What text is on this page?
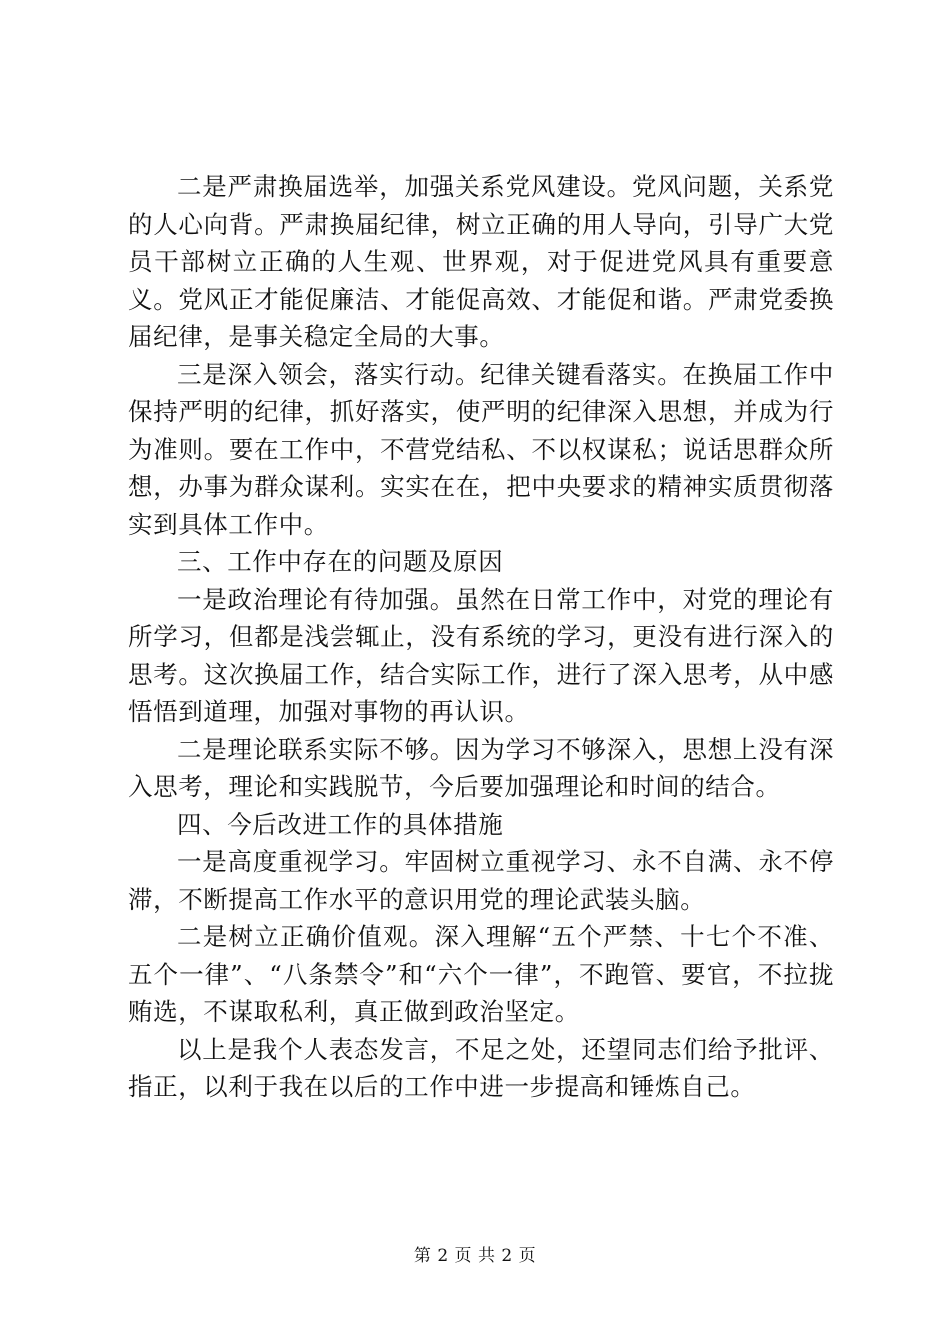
二是严肃换届选举，加强关系党风建设。党风问题，关系党的人心向背。严肃换届纪律，树立正确的用人导向，引导广大党员干部树立正确的人生观、世界观，对于促进党风具有重要意义。党风正才能促廉洁、才能促高效、才能促和谐。严肃党委换届纪律，是事关稳定全局的大事。

三是深入领会，落实行动。纪律关键看落实。在换届工作中保持严明的纪律，抓好落实，使严明的纪律深入思想，并成为行为准则。要在工作中，不营党结私、不以权谋私；说话思群众所想，办事为群众谋利。实实在在，把中央要求的精神实质贯彻落实到具体工作中。

三、工作中存在的问题及原因

一是政治理论有待加强。虽然在日常工作中，对党的理论有所学习，但都是浅尝辄止，没有系统的学习，更没有进行深入的思考。这次换届工作，结合实际工作，进行了深入思考，从中感悟悟到道理，加强对事物的再认识。

二是理论联系实际不够。因为学习不够深入，思想上没有深入思考，理论和实践脱节，今后要加强理论和时间的结合。

四、今后改进工作的具体措施

一是高度重视学习。牢固树立重视学习、永不自满、永不停滞，不断提高工作水平的意识用党的理论武装头脑。

二是树立正确价值观。深入理解“五个严禁、十七个不准、五个一律”、“八条禁令”和“六个一律”，不跑管、要官，不拉拢贿选，不谋取私利，真正做到政治坚定。

以上是我个人表态发言，不足之处，还望同志们给予批评、指正，以利于我在以后的工作中进一步提高和锤炼自己。

第 2 页 共 2 页
